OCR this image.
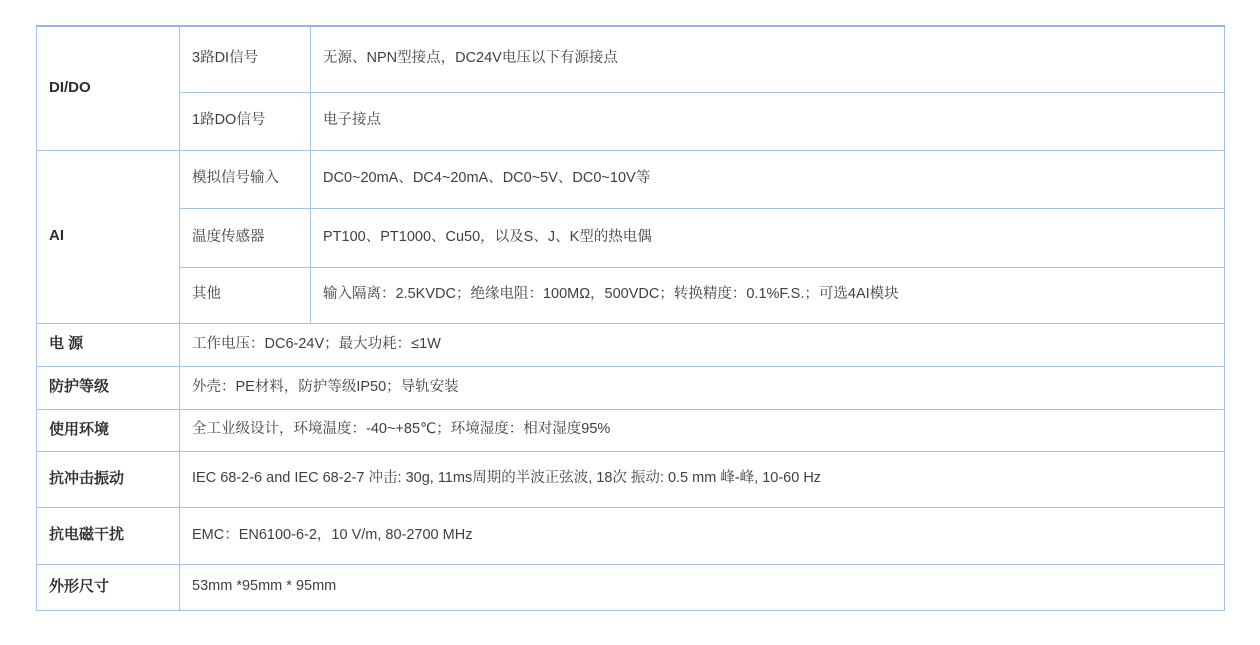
DI/DO	3路DI信号	无源、NPN型接点，DC24V电压以下有源接点
	1路DO信号	电子接点
AI	模拟信号输入	DC0~20mA、DC4~20mA、DC0~5V、DC0~10V等
	温度传感器	PT100、PT1000、Cu50，以及S、J、K型的热电偶
	其他	输入隔离：2.5KVDC；绝缘电阻：100MΩ，500VDC；转换精度：0.1%F.S.；可选4AI模块
电 源	工作电压：DC6-24V；最大功耗：≤1W	
防护等级	外壳：PE材料，防护等级IP50；导轨安装	
使用环境	全工业级设计，环境温度：-40~+85℃；环境湿度：相对湿度95%	
抗冲击振动	IEC 68-2-6 and IEC 68-2-7 冲击: 30g, 11ms周期的半波正弦波, 18次 振动: 0.5 mm 峰-峰, 10-60 Hz	
抗电磁干扰	EMC：EN6100-6-2，10 V/m, 80-2700 MHz	
外形尺寸	53mm *95mm * 95mm	
